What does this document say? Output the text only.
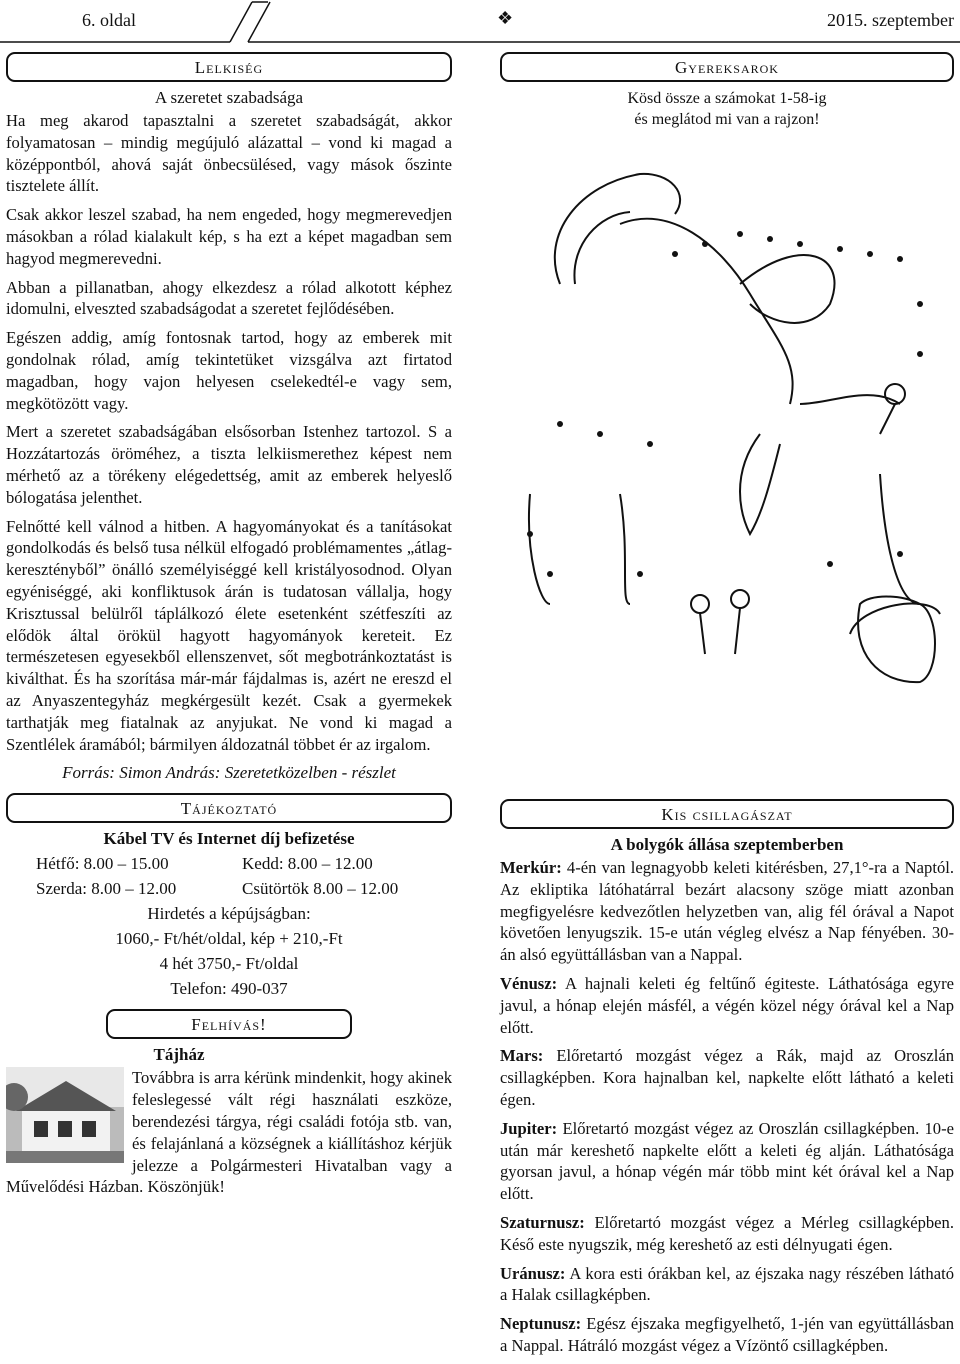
6. oldal	❖	2015. szeptember
Lelkiség
A szeretet szabadsága

Ha meg akarod tapasztalni a szeretet szabadságát, akkor folyamatosan – mindig megújuló alázattal – vond ki magad a középpontból, ahová saját önbecsülésed, vagy mások őszinte tisztelete állít.

Csak akkor leszel szabad, ha nem engeded, hogy megmerevedjen másokban a rólad kialakult kép, s ha ezt a képet magadban sem hagyod megmerevedni.

Abban a pillanatban, ahogy elkezdesz a rólad alkotott képhez idomulni, elveszted szabadságodat a szeretet fejlődésében.

Egészen addig, amíg fontosnak tartod, hogy az emberek mit gondolnak rólad, amíg tekintetüket vizsgálva azt firtatod magadban, hogy vajon helyesen cselekedtél-e vagy sem, megkötözött vagy.

Mert a szeretet szabadságában elsősorban Istenhez tartozol. S a Hozzátartozás öröméhez, a tiszta lelkiismerethez képest nem mérhető az a törékeny elégedettség, amit az emberek helyeslő bólogatása jelenthet.

Felnőtté kell válnod a hitben. A hagyományokat és a tanításokat gondolkodás és belső tusa nélkül elfogadó problémamentes „átlag-keresztényből” önálló személyiséggé kell kristályosodnod. Olyan egyéniséggé, aki konfliktusok árán is tudatosan vállalja, hogy Krisztussal belülről táplálkozó élete esetenként szétfeszíti az elődök által örökül hagyott hagyományok kereteit. Ez természetesen egyesekből ellenszenvet, sőt megbotránkoztatást is kiválthat. És ha szorítása már-már fájdalmas is, azért ne ereszd el az Anyaszentegyház megkérgesült kezét. Csak a gyermekek tarthatják meg fiatalnak az anyjukat. Ne vond ki magad a Szentlélek áramából; bármilyen áldozatnál többet ér az irgalom.

Forrás: Simon András: Szeretetközelben - részlet
Tájékoztató
Kábel TV és Internet díj befizetése
Hétfő: 8.00 – 15.00	Kedd: 8.00 – 12.00
Szerda: 8.00 – 12.00	Csütörtök 8.00 – 12.00
Hirdetés a képújságban:
1060,- Ft/hét/oldal, kép + 210,-Ft
4 hét 3750,- Ft/oldal
Telefon: 490-037
Felhívás!
Tájház

Továbbra is arra kérünk mindenkit, hogy akinek feleslegessé vált régi használati eszköze, berendezési tárgya, régi családi fotója stb. van, és felajánlaná a községnek a kiállításhoz kérjük jelezze a Polgármesteri Hivatalban vagy a Művelődési Házban. Köszönjük!

Gyereksarok
Kösd össze a számokat 1-58-ig
és meglátod mi van a rajzon!
Kis csillagászat
A bolygók állása szeptemberben

Merkúr: 4-én van legnagyobb keleti kitérésben, 27,1°-ra a Naptól. Az ekliptika látóhatárral bezárt alacsony szöge miatt azonban megfigyelésre kedvezőtlen helyzetben van, alig fél órával a Napot követően lenyugszik. 15-e után végleg elvész a Nap fényében. 30-án alsó együttállásban van a Nappal.

Vénusz: A hajnali keleti ég feltűnő égiteste. Láthatósága egyre javul, a hónap elején másfél, a végén közel négy órával kel a Nap előtt.

Mars: Előretartó mozgást végez a Rák, majd az Oroszlán csillagképben. Kora hajnalban kel, napkelte előtt látható a keleti égen.

Jupiter: Előretartó mozgást végez az Oroszlán csillagképben. 10-e után már kereshető napkelte előtt a keleti ég alján. Láthatósága gyorsan javul, a hónap végén már több mint két órával kel a Nap előtt.

Szaturnusz: Előretartó mozgást végez a Mérleg csillagképben. Késő este nyugszik, még kereshető az esti délnyugati égen.

Uránusz: A kora esti órákban kel, az éjszaka nagy részében látható a Halak csillagképben.

Neptunusz: Egész éjszaka megfigyelhető, 1-jén van együttállásban a Nappal. Hátráló mozgást végez a Vízöntő csillagképben.
